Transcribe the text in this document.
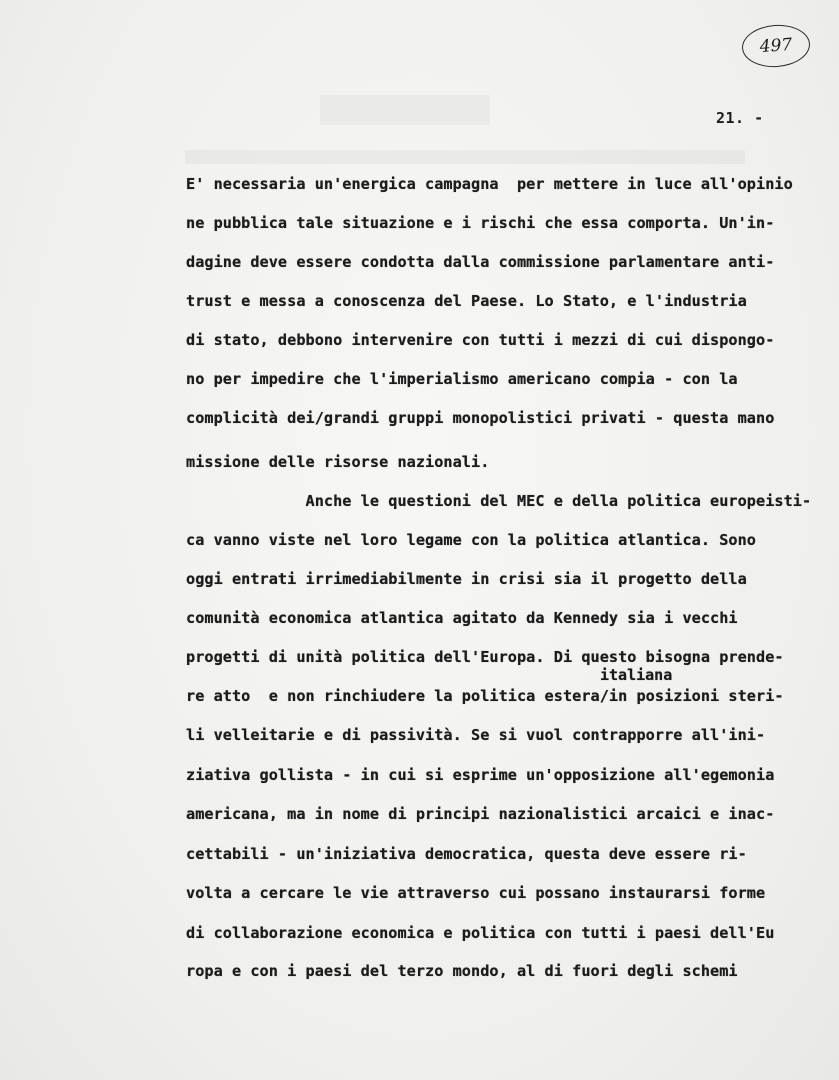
497
21. -
E' necessaria un'energica campagna  per mettere in luce all'opinio
ne pubblica tale situazione e i rischi che essa comporta. Un'in-
dagine deve essere condotta dalla commissione parlamentare anti-
trust e messa a conoscenza del Paese. Lo Stato, e l'industria
di stato, debbono intervenire con tutti i mezzi di cui dispongo-
no per impedire che l'imperialismo americano compia - con la
complicità dei/grandi gruppi monopolistici privati - questa mano
missione delle risorse nazionali.
Anche le questioni del MEC e della politica europeisti-
ca vanno viste nel loro legame con la politica atlantica. Sono
oggi entrati irrimediabilmente in crisi sia il progetto della
comunità economica atlantica agitato da Kennedy sia i vecchi
progetti di unità politica dell'Europa. Di questo bisogna prende-
italiana
re atto  e non rinchiudere la politica estera/in posizioni steri-
li velleitarie e di passività. Se si vuol contrapporre all'ini-
ziativa gollista - in cui si esprime un'opposizione all'egemonia
americana, ma in nome di principi nazionalistici arcaici e inac-
cettabili - un'iniziativa democratica, questa deve essere ri-
volta a cercare le vie attraverso cui possano instaurarsi forme
di collaborazione economica e politica con tutti i paesi dell'Eu
ropa e con i paesi del terzo mondo, al di fuori degli schemi
